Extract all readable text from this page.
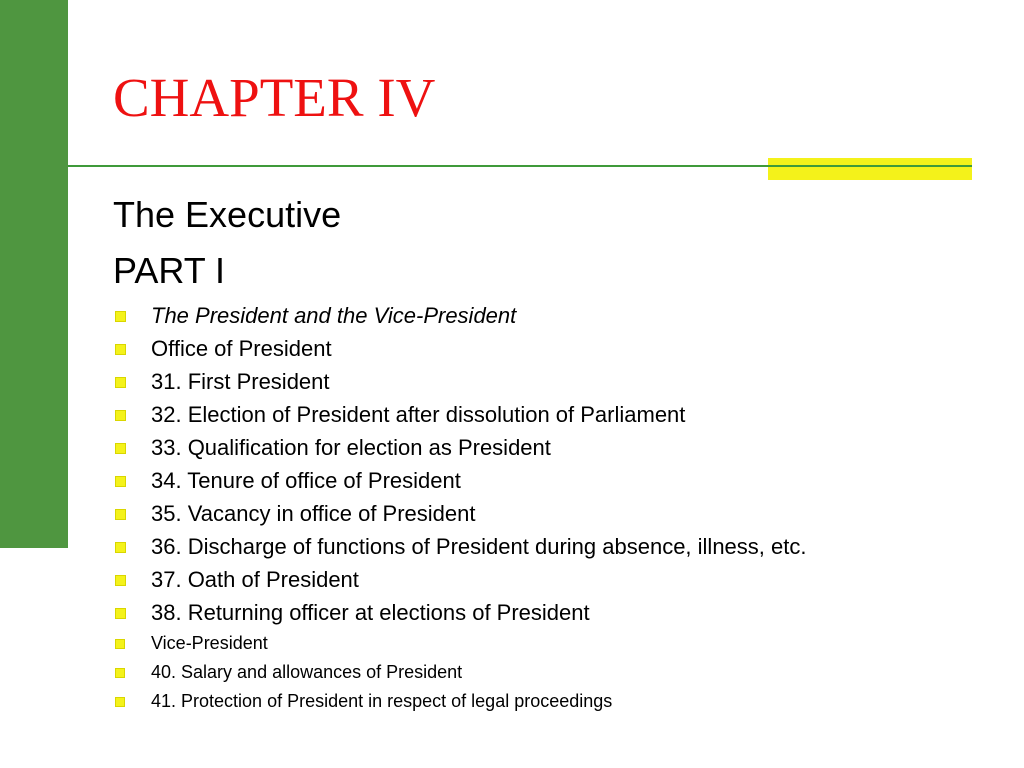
CHAPTER IV
The Executive
PART I
The President and the Vice-President
Office of President
31. First President
32. Election of President after dissolution of Parliament
33. Qualification for election as President
34. Tenure of office of President
35. Vacancy in office of President
36. Discharge of functions of President during absence, illness, etc.
37. Oath of President
38. Returning officer at elections of President
Vice-President
40. Salary and allowances of President
41. Protection of President in respect of legal proceedings
